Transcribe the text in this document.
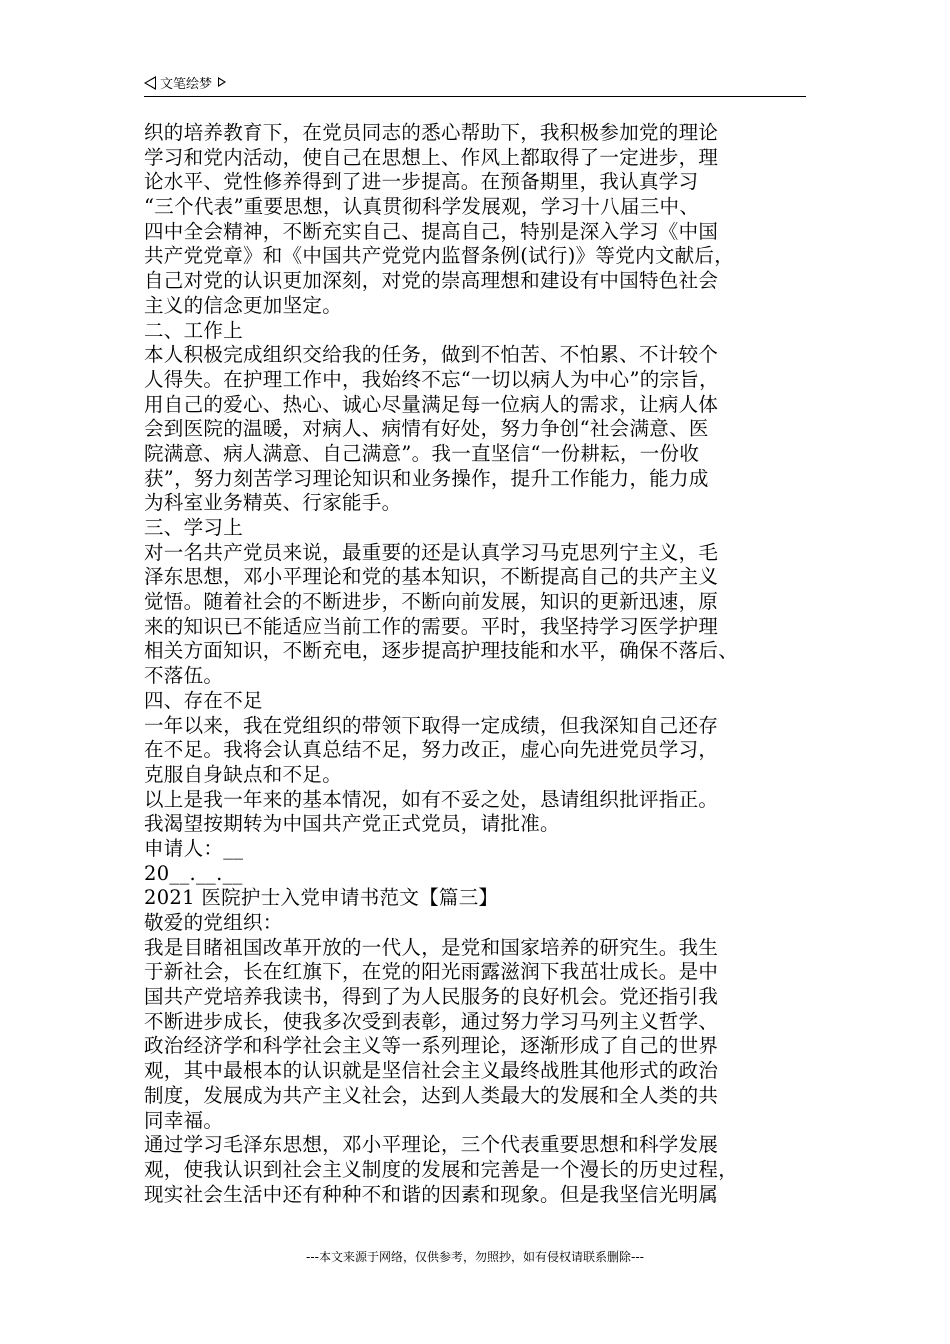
文笔绘梦
织的培养教育下，在党员同志的悉心帮助下，我积极参加党的理论
学习和党内活动，使自己在思想上、作风上都取得了一定进步，理
论水平、党性修养得到了进一步提高。在预备期里，我认真学习
“三个代表”重要思想，认真贯彻科学发展观，学习十八届三中、
四中全会精神，不断充实自己、提高自己，特别是深入学习《中国
共产党党章》和《中国共产党党内监督条例(试行)》等党内文献后，
自己对党的认识更加深刻，对党的崇高理想和建设有中国特色社会
主义的信念更加坚定。
二、工作上
本人积极完成组织交给我的任务，做到不怕苦、不怕累、不计较个
人得失。在护理工作中，我始终不忘“一切以病人为中心”的宗旨，
用自己的爱心、热心、诚心尽量满足每一位病人的需求，让病人体
会到医院的温暖，对病人、病情有好处，努力争创“社会满意、医
院满意、病人满意、自己满意”。我一直坚信“一份耕耘，一份收
获”，努力刻苦学习理论知识和业务操作，提升工作能力，能力成
为科室业务精英、行家能手。
三、学习上
对一名共产党员来说，最重要的还是认真学习马克思列宁主义，毛
泽东思想，邓小平理论和党的基本知识，不断提高自己的共产主义
觉悟。随着社会的不断进步，不断向前发展，知识的更新迅速，原
来的知识已不能适应当前工作的需要。平时，我坚持学习医学护理
相关方面知识，不断充电，逐步提高护理技能和水平，确保不落后、
不落伍。
四、存在不足
一年以来，我在党组织的带领下取得一定成绩，但我深知自己还存
在不足。我将会认真总结不足，努力改正，虚心向先进党员学习，
克服自身缺点和不足。
以上是我一年来的基本情况，如有不妥之处，恳请组织批评指正。
我渴望按期转为中国共产党正式党员，请批准。
申请人：__
20__.__.__
2021 医院护士入党申请书范文【篇三】
敬爱的党组织：
我是目睹祖国改革开放的一代人，是党和国家培养的研究生。我生
于新社会，长在红旗下，在党的阳光雨露滋润下我茁壮成长。是中
国共产党培养我读书，得到了为人民服务的良好机会。党还指引我
不断进步成长，使我多次受到表彰，通过努力学习马列主义哲学、
政治经济学和科学社会主义等一系列理论，逐渐形成了自己的世界
观，其中最根本的认识就是坚信社会主义最终战胜其他形式的政治
制度，发展成为共产主义社会，达到人类最大的发展和全人类的共
同幸福。
通过学习毛泽东思想，邓小平理论，三个代表重要思想和科学发展
观，使我认识到社会主义制度的发展和完善是一个漫长的历史过程，
现实社会生活中还有种种不和谐的因素和现象。但是我坚信光明属
---本文来源于网络，仅供参考，勿照抄，如有侵权请联系删除---
